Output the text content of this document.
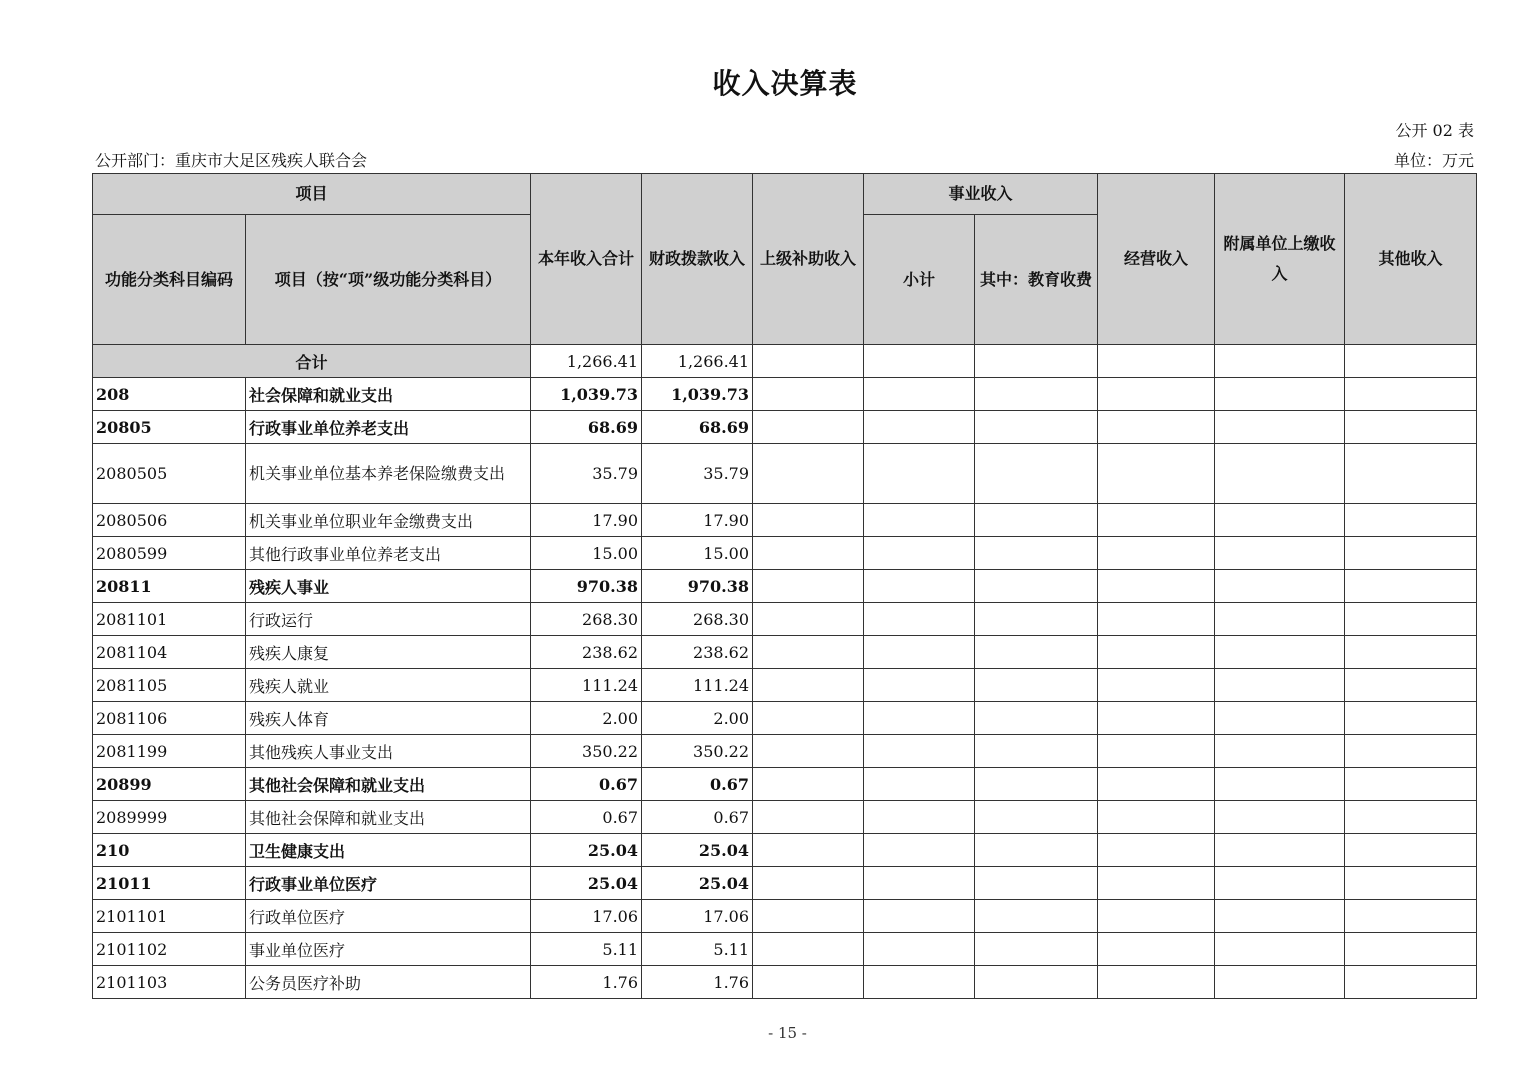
收入决算表
公开 02 表
公开部门：重庆市大足区残疾人联合会	单位：万元
项目		本年收入合计	财政拨款收入	上级补助收入	事业收入		经营收入	附属单位上缴收入	其他收入
功能分类科目编码	项目（按“项”级功能分类科目）				小计	其中：教育收费			
合计		1,266.41	1,266.41						
208	社会保障和就业支出	1,039.73	1,039.73						
20805	行政事业单位养老支出	68.69	68.69						
2080505	机关事业单位基本养老保险缴费支出	35.79	35.79						
2080506	机关事业单位职业年金缴费支出	17.90	17.90						
2080599	其他行政事业单位养老支出	15.00	15.00						
20811	残疾人事业	970.38	970.38						
2081101	行政运行	268.30	268.30						
2081104	残疾人康复	238.62	238.62						
2081105	残疾人就业	111.24	111.24						
2081106	残疾人体育	2.00	2.00						
2081199	其他残疾人事业支出	350.22	350.22						
20899	其他社会保障和就业支出	0.67	0.67						
2089999	其他社会保障和就业支出	0.67	0.67						
210	卫生健康支出	25.04	25.04						
21011	行政事业单位医疗	25.04	25.04						
2101101	行政单位医疗	17.06	17.06						
2101102	事业单位医疗	5.11	5.11						
2101103	公务员医疗补助	1.76	1.76						
- 15 -
